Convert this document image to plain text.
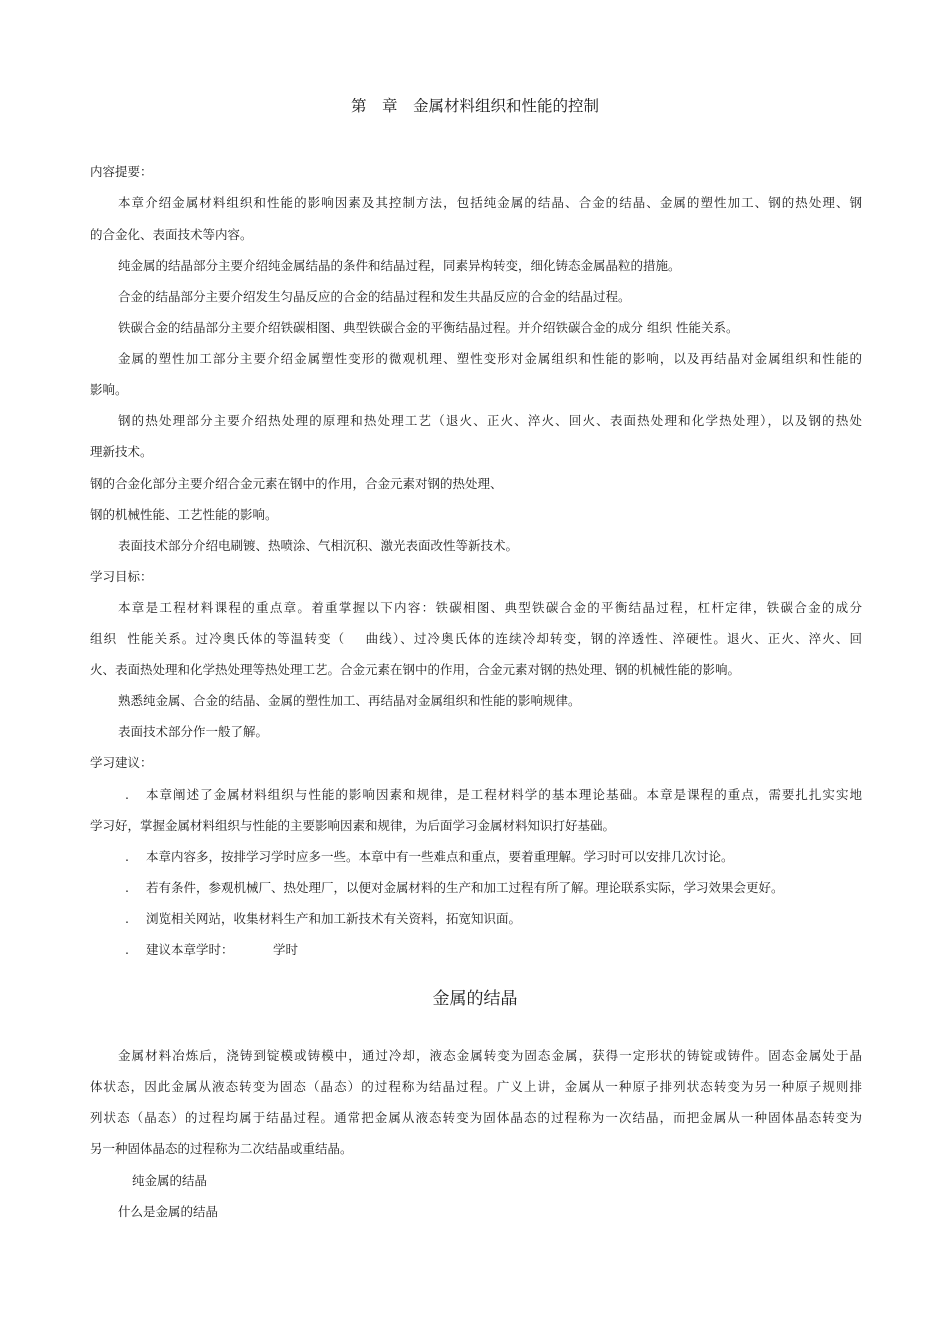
第　章　金属材料组织和性能的控制
内容提要：
本章介绍金属材料组织和性能的影响因素及其控制方法，包括纯金属的结晶、合金的结晶、金属的塑性加工、钢的热处理、钢
的合金化、表面技术等内容。
纯金属的结晶部分主要介绍纯金属结晶的条件和结晶过程，同素异构转变，细化铸态金属晶粒的措施。
合金的结晶部分主要介绍发生匀晶反应的合金的结晶过程和发生共晶反应的合金的结晶过程。
铁碳合金的结晶部分主要介绍铁碳相图、典型铁碳合金的平衡结晶过程。并介绍铁碳合金的成分 组织 性能关系。
金属的塑性加工部分主要介绍金属塑性变形的微观机理、塑性变形对金属组织和性能的影响，以及再结晶对金属组织和性能的
影响。
钢的热处理部分主要介绍热处理的原理和热处理工艺（退火、正火、淬火、回火、表面热处理和化学热处理），以及钢的热处
理新技术。
钢的合金化部分主要介绍合金元素在钢中的作用，合金元素对钢的热处理、
钢的机械性能、工艺性能的影响。
表面技术部分介绍电刷镀、热喷涂、气相沉积、激光表面改性等新技术。
学习目标：
本章是工程材料课程的重点章。着重掌握以下内容：铁碳相图、典型铁碳合金的平衡结晶过程，杠杆定律，铁碳合金的成分
组织  性能关系。过冷奥氏体的等温转变（    曲线）、过冷奥氏体的连续冷却转变，钢的淬透性、淬硬性。退火、正火、淬火、回
火、表面热处理和化学热处理等热处理工艺。合金元素在钢中的作用，合金元素对钢的热处理、钢的机械性能的影响。
熟悉纯金属、合金的结晶、金属的塑性加工、再结晶对金属组织和性能的影响规律。
表面技术部分作一般了解。
学习建议：
. 本章阐述了金属材料组织与性能的影响因素和规律，是工程材料学的基本理论基础。本章是课程的重点，需要扎扎实实地
学习好，掌握金属材料组织与性能的主要影响因素和规律，为后面学习金属材料知识打好基础。
. 本章内容多，按排学习学时应多一些。本章中有一些难点和重点，要着重理解。学习时可以安排几次讨论。
. 若有条件，参观机械厂、热处理厂，以便对金属材料的生产和加工过程有所了解。理论联系实际，学习效果会更好。
. 浏览相关网站，收集材料生产和加工新技术有关资料，拓宽知识面。
. 建议本章学时：	学时
金属的结晶
金属材料冶炼后，浇铸到锭模或铸模中，通过冷却，液态金属转变为固态金属，获得一定形状的铸锭或铸件。固态金属处于晶
体状态，因此金属从液态转变为固态（晶态）的过程称为结晶过程。广义上讲，金属从一种原子排列状态转变为另一种原子规则排
列状态（晶态）的过程均属于结晶过程。通常把金属从液态转变为固体晶态的过程称为一次结晶，而把金属从一种固体晶态转变为
另一种固体晶态的过程称为二次结晶或重结晶。
纯金属的结晶
什么是金属的结晶
